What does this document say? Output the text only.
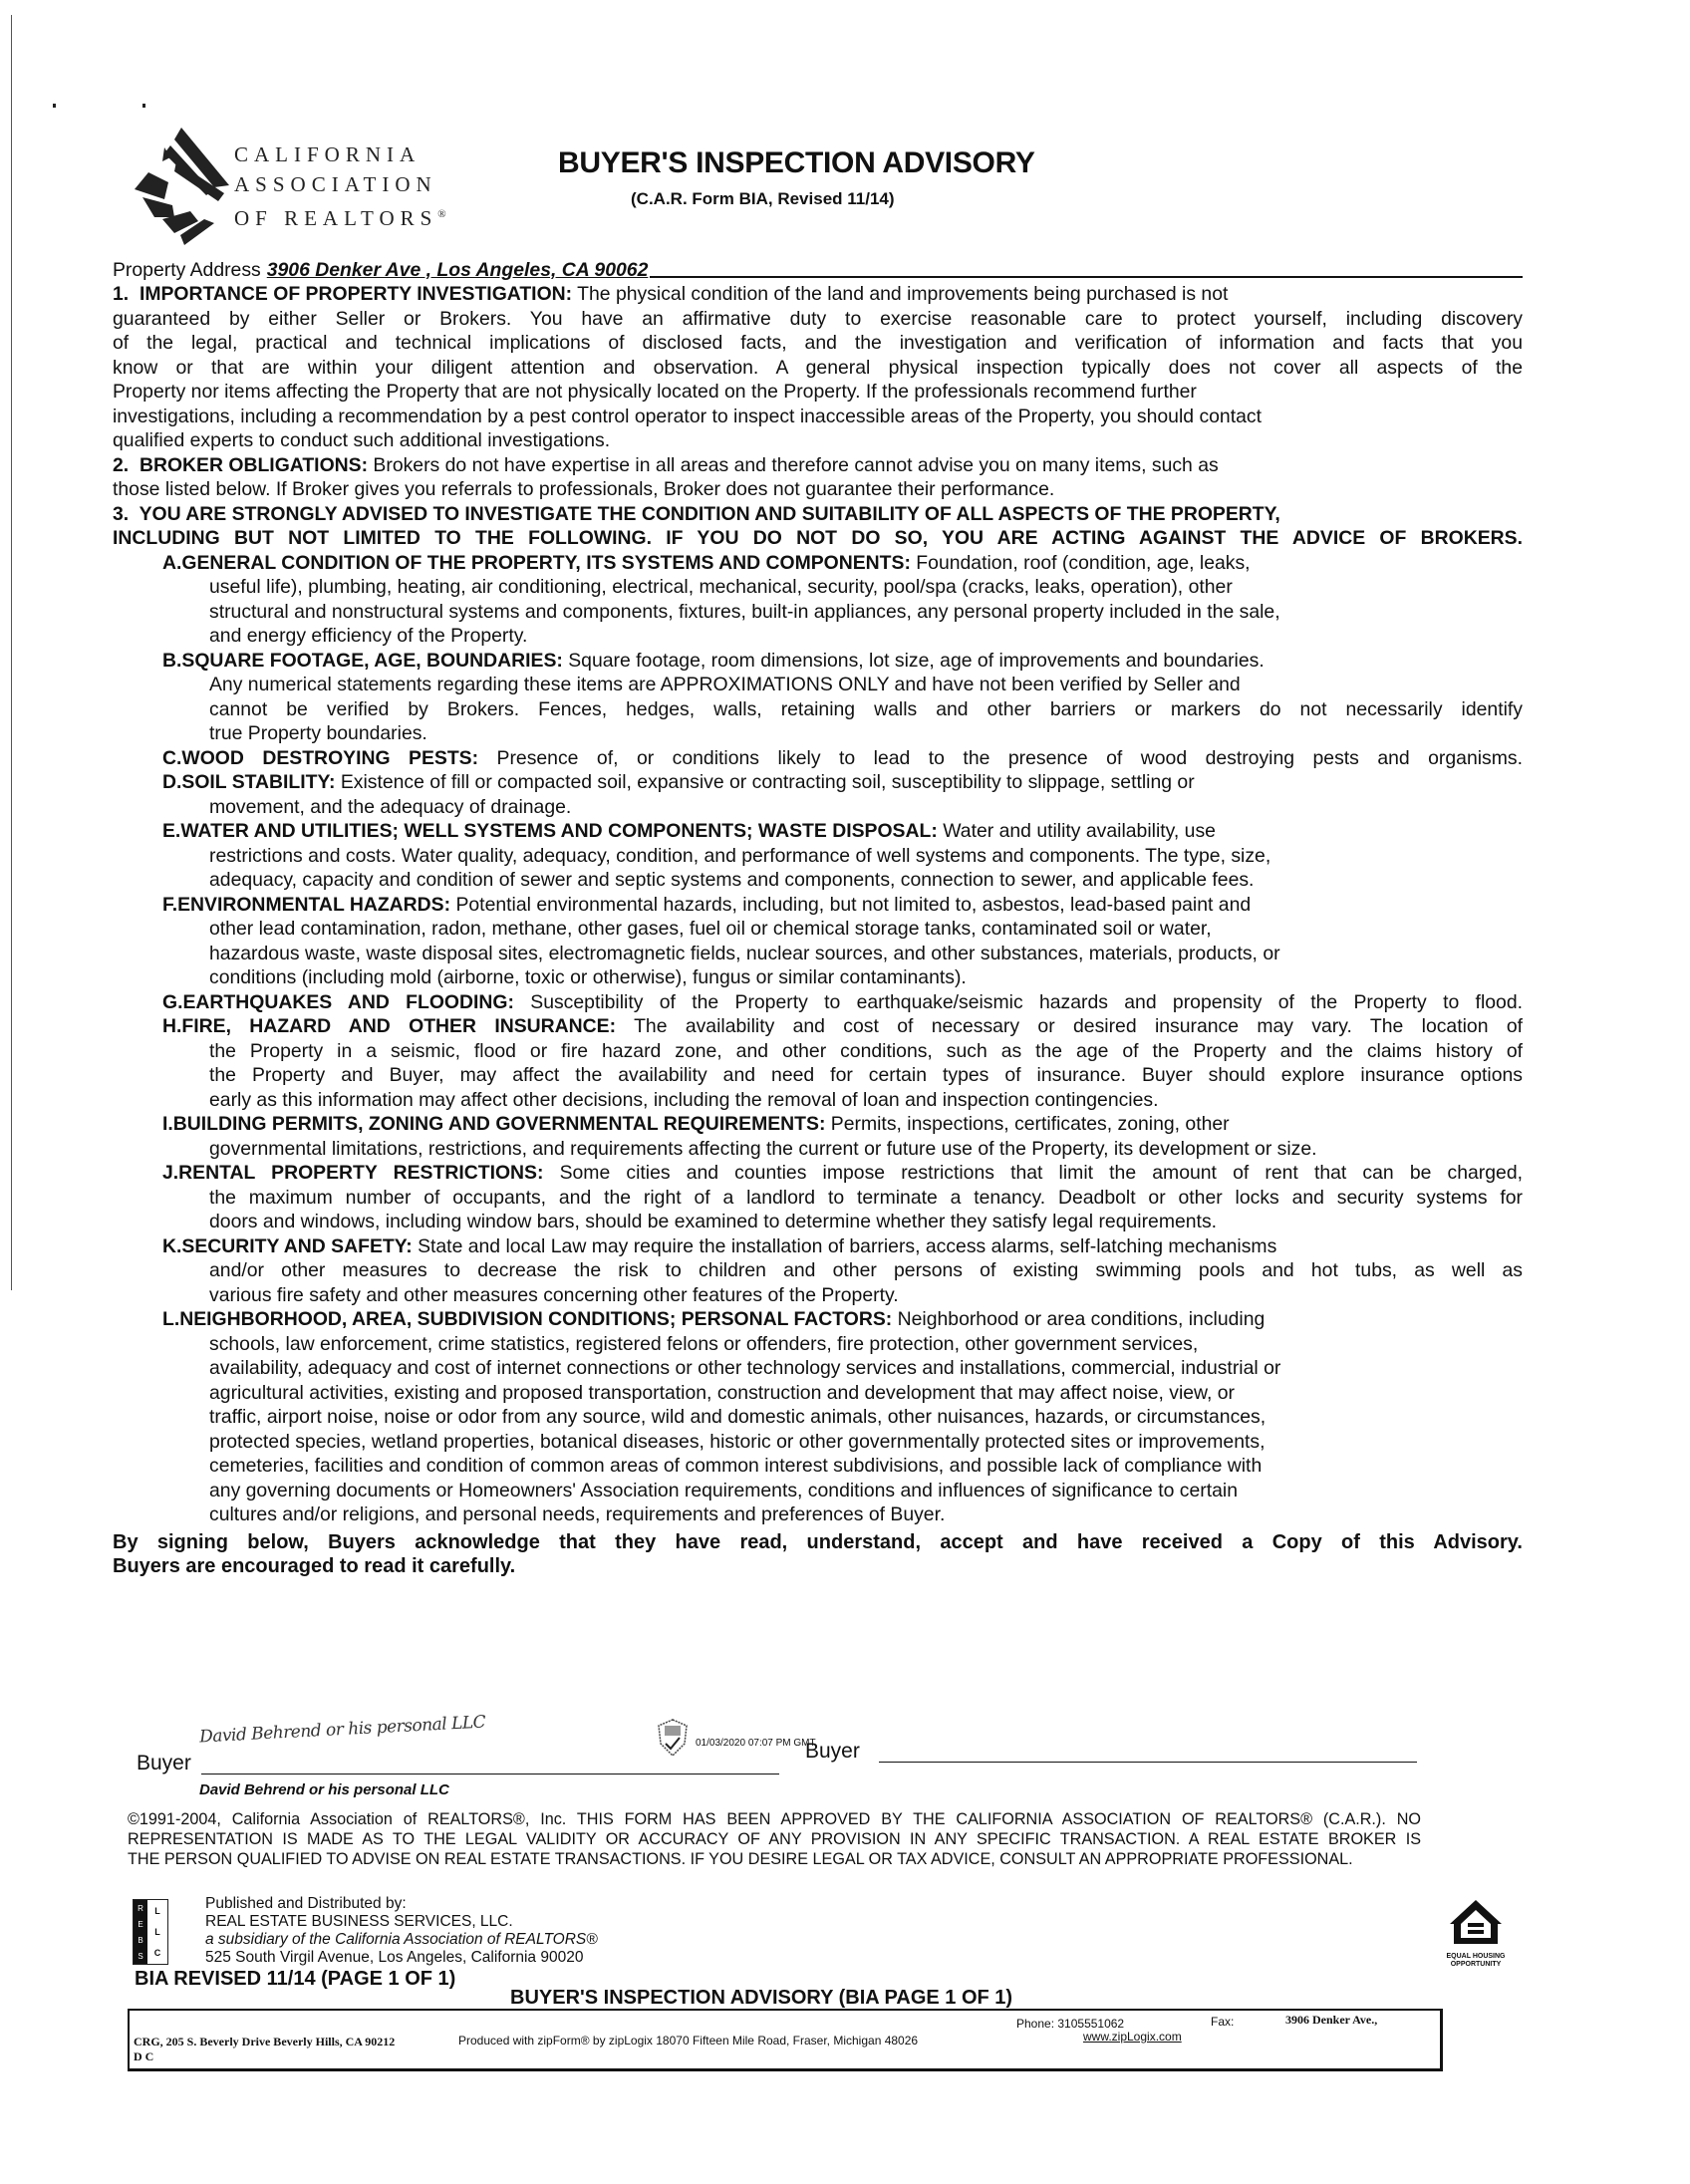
CALIFORNIA
ASSOCIATION
OF REALTORS®
BUYER'S INSPECTION ADVISORY
(C.A.R. Form BIA, Revised 11/14)
Property Address 3906 Denker Ave , Los Angeles, CA 90062
1.  IMPORTANCE OF PROPERTY INVESTIGATION: The physical condition of the land and improvements being purchased is not
guaranteed by either Seller or Brokers. You have an affirmative duty to exercise reasonable care to protect yourself, including discovery
of the legal, practical and technical implications of disclosed facts, and the investigation and verification of information and facts that you
know or that are within your diligent attention and observation. A general physical inspection typically does not cover all aspects of the
Property nor items affecting the Property that are not physically located on the Property. If the professionals recommend further
investigations, including a recommendation by a pest control operator to inspect inaccessible areas of the Property, you should contact
qualified experts to conduct such additional investigations.
2.  BROKER OBLIGATIONS: Brokers do not have expertise in all areas and therefore cannot advise you on many items, such as
those listed below. If Broker gives you referrals to professionals, Broker does not guarantee their performance.
3.  YOU ARE STRONGLY ADVISED TO INVESTIGATE THE CONDITION AND SUITABILITY OF ALL ASPECTS OF THE PROPERTY,
INCLUDING BUT NOT LIMITED TO THE FOLLOWING. IF YOU DO NOT DO SO, YOU ARE ACTING AGAINST THE ADVICE OF BROKERS.
A.GENERAL CONDITION OF THE PROPERTY, ITS SYSTEMS AND COMPONENTS: Foundation, roof (condition, age, leaks,
useful life), plumbing, heating, air conditioning, electrical, mechanical, security, pool/spa (cracks, leaks, operation), other
structural and nonstructural systems and components, fixtures, built-in appliances, any personal property included in the sale,
and energy efficiency of the Property.
B.SQUARE FOOTAGE, AGE, BOUNDARIES: Square footage, room dimensions, lot size, age of improvements and boundaries.
Any numerical statements regarding these items are APPROXIMATIONS ONLY and have not been verified by Seller and
cannot be verified by Brokers. Fences, hedges, walls, retaining walls and other barriers or markers do not necessarily identify
true Property boundaries.
C.WOOD DESTROYING PESTS: Presence of, or conditions likely to lead to the presence of wood destroying pests and organisms.
D.SOIL STABILITY: Existence of fill or compacted soil, expansive or contracting soil, susceptibility to slippage, settling or
movement, and the adequacy of drainage.
E.WATER AND UTILITIES; WELL SYSTEMS AND COMPONENTS; WASTE DISPOSAL: Water and utility availability, use
restrictions and costs. Water quality, adequacy, condition, and performance of well systems and components. The type, size,
adequacy, capacity and condition of sewer and septic systems and components, connection to sewer, and applicable fees.
F.ENVIRONMENTAL HAZARDS: Potential environmental hazards, including, but not limited to, asbestos, lead-based paint and
other lead contamination, radon, methane, other gases, fuel oil or chemical storage tanks, contaminated soil or water,
hazardous waste, waste disposal sites, electromagnetic fields, nuclear sources, and other substances, materials, products, or
conditions (including mold (airborne, toxic or otherwise), fungus or similar contaminants).
G.EARTHQUAKES AND FLOODING: Susceptibility of the Property to earthquake/seismic hazards and propensity of the Property to flood.
H.FIRE, HAZARD AND OTHER INSURANCE: The availability and cost of necessary or desired insurance may vary. The location of
the Property in a seismic, flood or fire hazard zone, and other conditions, such as the age of the Property and the claims history of
the Property and Buyer, may affect the availability and need for certain types of insurance. Buyer should explore insurance options
early as this information may affect other decisions, including the removal of loan and inspection contingencies.
I.BUILDING PERMITS, ZONING AND GOVERNMENTAL REQUIREMENTS: Permits, inspections, certificates, zoning, other
governmental limitations, restrictions, and requirements affecting the current or future use of the Property, its development or size.
J.RENTAL PROPERTY RESTRICTIONS: Some cities and counties impose restrictions that limit the amount of rent that can be charged,
the maximum number of occupants, and the right of a landlord to terminate a tenancy. Deadbolt or other locks and security systems for
doors and windows, including window bars, should be examined to determine whether they satisfy legal requirements.
K.SECURITY AND SAFETY: State and local Law may require the installation of barriers, access alarms, self-latching mechanisms
and/or other measures to decrease the risk to children and other persons of existing swimming pools and hot tubs, as well as
various fire safety and other measures concerning other features of the Property.
L.NEIGHBORHOOD, AREA, SUBDIVISION CONDITIONS; PERSONAL FACTORS: Neighborhood or area conditions, including
schools, law enforcement, crime statistics, registered felons or offenders, fire protection, other government services,
availability, adequacy and cost of internet connections or other technology services and installations, commercial, industrial or
agricultural activities, existing and proposed transportation, construction and development that may affect noise, view, or
traffic, airport noise, noise or odor from any source, wild and domestic animals, other nuisances, hazards, or circumstances,
protected species, wetland properties, botanical diseases, historic or other governmentally protected sites or improvements,
cemeteries, facilities and condition of common areas of common interest subdivisions, and possible lack of compliance with
any governing documents or Homeowners' Association requirements, conditions and influences of significance to certain
cultures and/or religions, and personal needs, requirements and preferences of Buyer.
By signing below, Buyers acknowledge that they have read, understand, accept and have received a Copy of this Advisory.
Buyers are encouraged to read it carefully.
Buyer
David Behrend or his personal LLC	01/03/2020 07:07 PM GMT
David Behrend or his personal LLC
Buyer
©1991-2004, California Association of REALTORS®, Inc. THIS FORM HAS BEEN APPROVED BY THE CALIFORNIA ASSOCIATION OF REALTORS® (C.A.R.). NO
REPRESENTATION IS MADE AS TO THE LEGAL VALIDITY OR ACCURACY OF ANY PROVISION IN ANY SPECIFIC TRANSACTION. A REAL ESTATE BROKER IS
THE PERSON QUALIFIED TO ADVISE ON REAL ESTATE TRANSACTIONS. IF YOU DESIRE LEGAL OR TAX ADVICE, CONSULT AN APPROPRIATE PROFESSIONAL.
R
E
B
S
L
L
C
Published and Distributed by:
REAL ESTATE BUSINESS SERVICES, LLC.
a subsidiary of the California Association of REALTORS®
525 South Virgil Avenue, Los Angeles, California 90020	EQUAL HOUSING
OPPORTUNITY
BIA REVISED 11/14 (PAGE 1 OF 1)
BUYER'S INSPECTION ADVISORY (BIA PAGE 1 OF 1)
3906 Denker Ave.,
Phone: 3105551062	Fax:
CRG, 205 S. Beverly Drive Beverly Hills, CA 90212	Produced with zipForm® by zipLogix 18070 Fifteen Mile Road, Fraser, Michigan 48026	www.zipLogix.com
D C
